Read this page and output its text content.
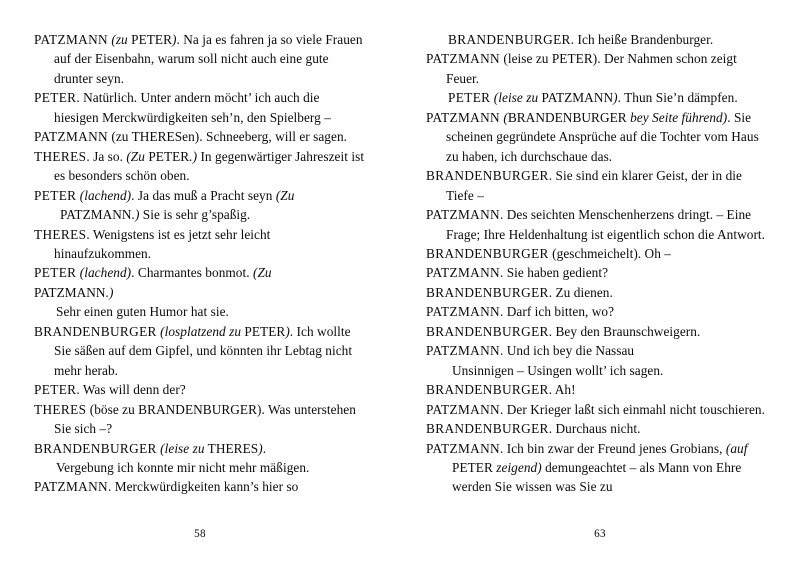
PATZMANN (zu PETER). Na ja es fahren ja so viele Frauen auf der Eisenbahn, warum soll nicht auch eine gute drunter seyn.
PETER. Natürlich. Unter andern möcht’ ich auch die hiesigen Merckwürdigkeiten seh’n, den Spielberg –
PATZMANN (zu THERESen). Schneeberg, will er sagen.
THERES. Ja so. (Zu PETER.) In gegenwärtiger Jahreszeit ist es besonders schön oben.
PETER (lachend). Ja das muß a Pracht seyn (Zu PATZMANN.) Sie is sehr g’spaßig.
THERES. Wenigstens ist es jetzt sehr leicht hinaufzukommen.
PETER (lachend). Charmantes bonmot. (Zu
PATZMANN.)
Sehr einen guten Humor hat sie.
BRANDENBURGER (losplatzend zu PETER). Ich wollte Sie säßen auf dem Gipfel, und könnten ihr Lebtag nicht mehr herab.
PETER. Was will denn der?
THERES (böse zu BRANDENBURGER). Was unterstehen Sie sich –?
BRANDENBURGER (leise zu THERES).
Vergebung ich konnte mir nicht mehr mäßigen.
PATZMANN. Merckwürdigkeiten kann’s hier so
58
BRANDENBURGER. Ich heiße Brandenburger.
PATZMANN (leise zu PETER). Der Nahmen schon zeigt Feuer.
PETER (leise zu PATZMANN). Thun Sie’n dämpfen.
PATZMANN (BRANDENBURGER bey Seite führend). Sie scheinen gegründete Ansprüche auf die Tochter vom Haus zu haben, ich durchschaue das.
BRANDENBURGER. Sie sind ein klarer Geist, der in die Tiefe –
PATZMANN. Des seichten Menschenherzens dringt. – Eine Frage; Ihre Heldenhaltung ist eigentlich schon die Antwort.
BRANDENBURGER (geschmeichelt). Oh –
PATZMANN. Sie haben gedient?
BRANDENBURGER. Zu dienen.
PATZMANN. Darf ich bitten, wo?
BRANDENBURGER. Bey den Braunschweigern.
PATZMANN. Und ich bey die Nassau
Unsinnigen – Usingen wollt’ ich sagen.
BRANDENBURGER. Ah!
PATZMANN. Der Krieger laßt sich einmahl nicht touschieren.
BRANDENBURGER. Durchaus nicht.
PATZMANN. Ich bin zwar der Freund jenes Grobians, (auf PETER zeigend) demungeachtet – als Mann von Ehre werden Sie wissen was Sie zu
63
